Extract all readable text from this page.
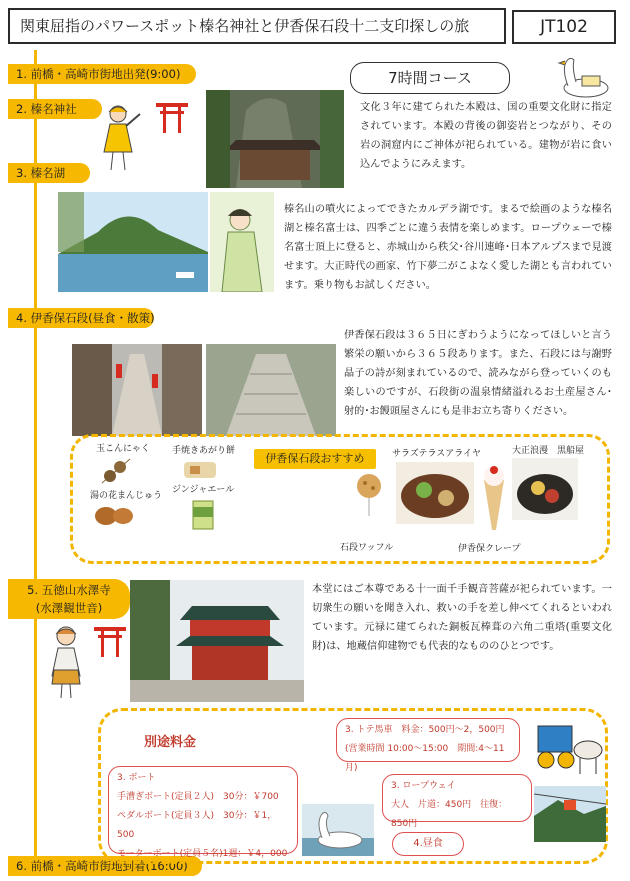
関東屈指のパワースポット榛名神社と伊香保石段十二支印探しの旅	JT102
1. 前橋・高崎市街地出発(9:00)
2. 榛名神社
3. 榛名湖
4. 伊香保石段(昼食・散策)
5. 五徳山水澤寺
(水澤観世音)
6. 前橋・高崎市街地到着(16:00)
7時間コース
文化３年に建てられた本殿は、国の重要文化財に指定されています。本殿の背後の御姿岩とつながり、その岩の洞窟内にご神体が祀られている。建物が岩に食い込んでようにみえます。
榛名山の噴火によってできたカルデラ湖です。まるで絵画のような榛名湖と榛名富士は、四季ごとに違う表情を楽しめます。ロープウェーで榛名富士頂上に登ると、赤城山から秩父･谷川連峰･日本アルプスまで見渡せます。大正時代の画家、竹下夢二がこよなく愛した湖とも言われています。乗り物もお試しください。
伊香保石段は３６５日にぎわうようになってほしいと言う繁栄の願いから３６５段あります。また、石段には与謝野晶子の詩が刻まれているので、読みながら登っていくのも楽しいのですが、石段街の温泉情緒溢れるお土産屋さん･射的･お饅頭屋さんにも是非お立ち寄りください。
伊香保石段おすすめ
玉こんにゃく 手焼きあがり餅
湯の花まんじゅう
ジンジャエール
サラズテラスアライヤ	大正浪漫　黒船屋
石段ワッフル	伊香保クレープ
本堂にはご本尊である十一面千手観音菩薩が祀られています。一切衆生の願いを聞き入れ、救いの手を差し伸べてくれるといわれています。元禄に建てられた銅板瓦棒葺の六角二重塔(重要文化財)は、地蔵信仰建物でも代表的なもののひとつです。
別途料金
3. トテ馬車　料金：500円～2，500円
(営業時間 10:00～15:00　期間:4～11月)
3. ボート
手漕ぎボート(定員２人)　30分：￥700
ペダルボート(定員３人)　30分：￥1，500
モーターボート(定員５名)1週：￥4，000
3. ロープウェイ
大人　片道：450円　往復：850円
4.昼食
